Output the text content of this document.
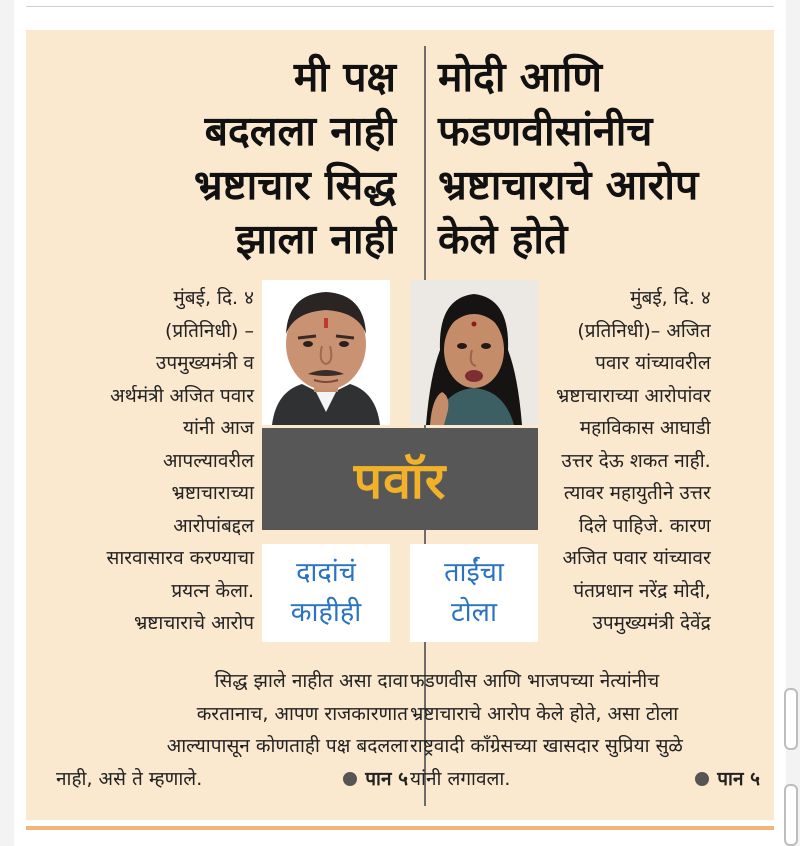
मी पक्ष
बदलला नाही
भ्रष्टाचार सिद्ध
झाला नाही
मोदी आणि
फडणवीसांनीच
भ्रष्टाचाराचे आरोप
केले होते
पवॉर
दादांचं
काहीही
ताईंचा
टोला
मुंबई, दि. ४
(प्रतिनिधी) –
उपमुख्यमंत्री व
अर्थमंत्री अजित पवार
यांनी आज
आपल्यावरील
भ्रष्टाचाराच्या
आरोपांबद्दल
सारवासारव करण्याचा
प्रयत्न केला.
भ्रष्टाचाराचे आरोप
मुंबई, दि. ४
(प्रतिनिधी)– अजित
पवार यांच्यावरील
भ्रष्टाचाराच्या आरोपांवर
महाविकास आघाडी
उत्तर देऊ शकत नाही.
त्यावर महायुतीने उत्तर
दिले पाहिजे. कारण
अजित पवार यांच्यावर
पंतप्रधान नरेंद्र मोदी,
उपमुख्यमंत्री देवेंद्र
सिद्ध झाले नाहीत असा दावा
करतानाच, आपण राजकारणात
आल्यापासून कोणताही पक्ष बदलला
नाही, असे ते म्हणाले.	पान ५
फडणवीस आणि भाजपच्या नेत्यांनीच
भ्रष्टाचाराचे आरोप केले होते, असा टोला
राष्ट्रवादी काँग्रेसच्या खासदार सुप्रिया सुळे
यांनी लगावला.	पान ५
